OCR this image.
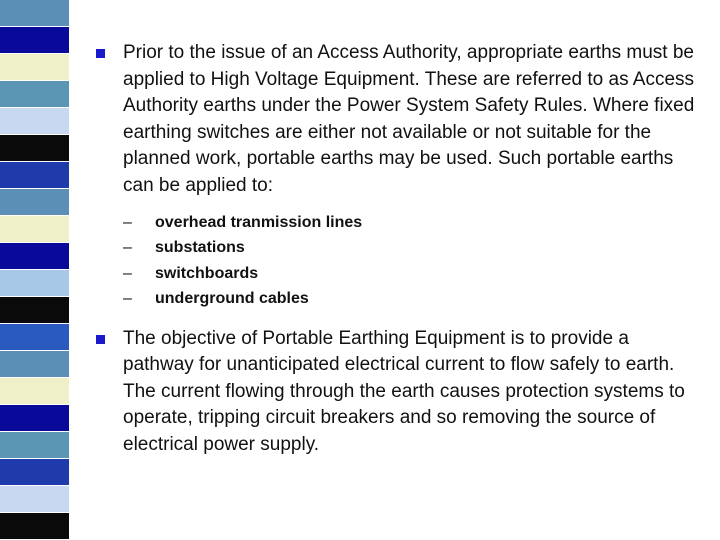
Prior to the issue of an Access Authority, appropriate earths must be applied to High Voltage Equipment. These are referred to as Access Authority earths under the Power System Safety Rules. Where fixed earthing switches are either not available or not suitable for the planned work, portable earths may be used. Such portable earths can be applied to:
– overhead tranmission lines
– substations
– switchboards
– underground cables
The objective of Portable Earthing Equipment is to provide a pathway for unanticipated electrical current to flow safely to earth. The current flowing through the earth causes protection systems to operate, tripping circuit breakers and so removing the source of electrical power supply.
